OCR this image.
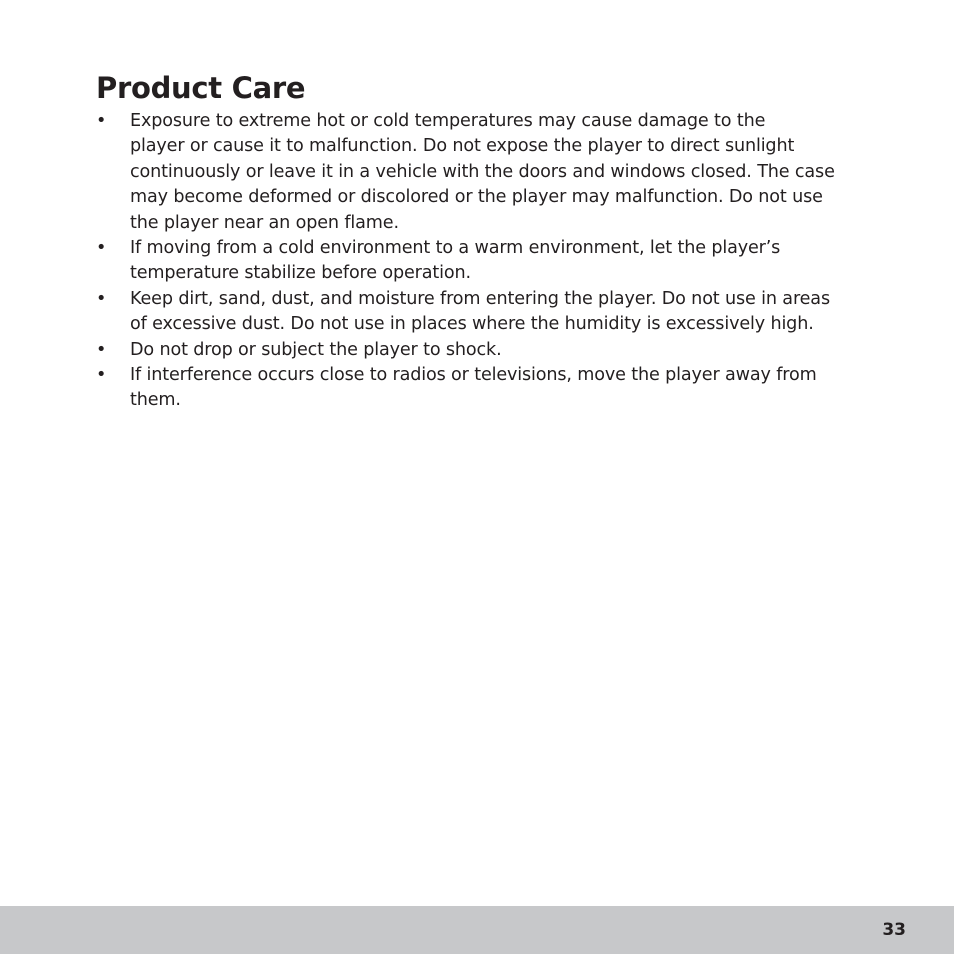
Product Care
• Exposure to extreme hot or cold temperatures may cause damage to the
player or cause it to malfunction. Do not expose the player to direct sunlight
continuously or leave it in a vehicle with the doors and windows closed. The case
may become deformed or discolored or the player may malfunction. Do not use
the player near an open flame.
• If moving from a cold environment to a warm environment, let the player’s
temperature stabilize before operation.
• Keep dirt, sand, dust, and moisture from entering the player. Do not use in areas
of excessive dust. Do not use in places where the humidity is excessively high.
• Do not drop or subject the player to shock.
• If interference occurs close to radios or televisions, move the player away from
them.
33
